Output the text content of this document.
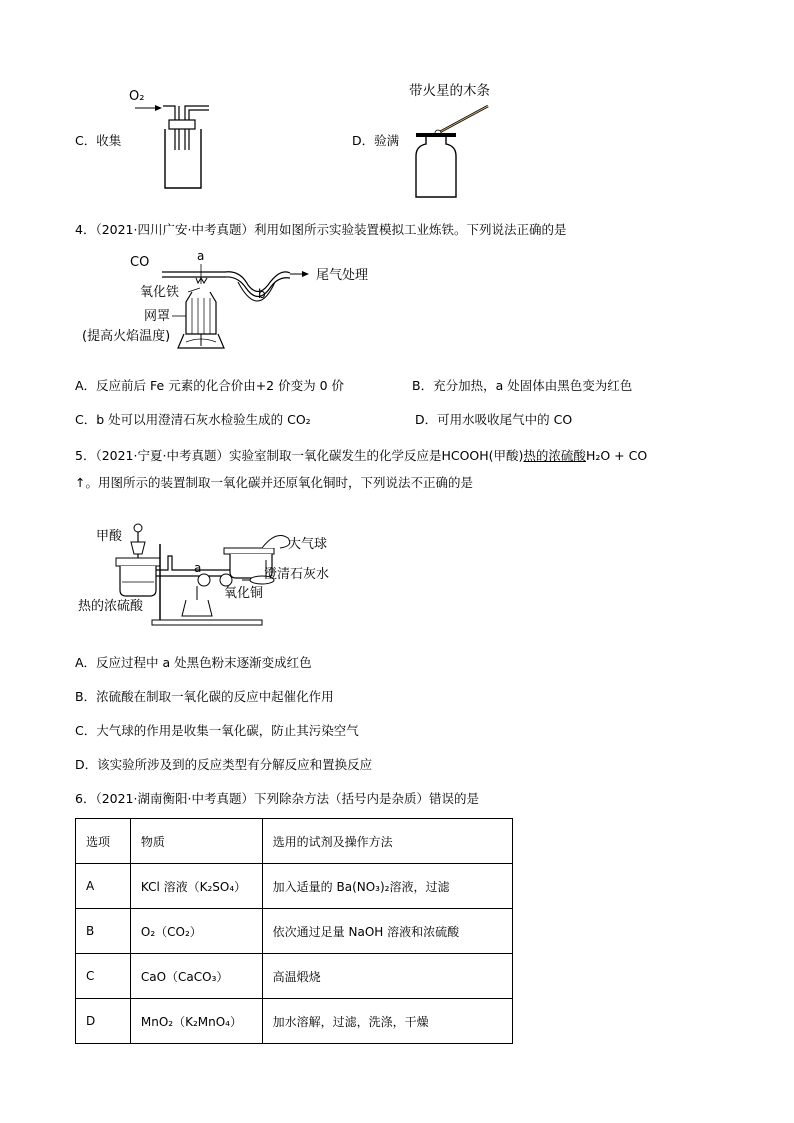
O₂
C．收集
带火星的木条
D．验满
4．（2021·四川广安·中考真题）利用如图所示实验装置模拟工业炼铁。下列说法正确的是
CO	a
b
尾气处理
氧化铁
网罩
(提高火焰温度)
A．反应前后 Fe 元素的化合价由+2 价变为 0 价	B．充分加热，a 处固体由黑色变为红色
C．b 处可以用澄清石灰水检验生成的 CO₂	D．可用水吸收尾气中的 CO
5．（2021·宁夏·中考真题）实验室制取一氧化碳发生的化学反应是HCOOH(甲酸)热的浓硫酸H₂O + CO
↑。用图所示的装置制取一氧化碳并还原氧化铜时，下列说法不正确的是
甲酸
热的浓硫酸
a
氧化铜
大气球
澄清石灰水
A．反应过程中 a 处黑色粉末逐渐变成红色
B．浓硫酸在制取一氧化碳的反应中起催化作用
C．大气球的作用是收集一氧化碳，防止其污染空气
D．该实验所涉及到的反应类型有分解反应和置换反应
6．（2021·湖南衡阳·中考真题）下列除杂方法（括号内是杂质）错误的是
选项	物质	选用的试剂及操作方法
A	KCl 溶液（K₂SO₄）	加入适量的 Ba(NO₃)₂溶液，过滤
B	O₂（CO₂）	依次通过足量 NaOH 溶液和浓硫酸
C	CaO（CaCO₃）	高温煅烧
D	MnO₂（K₂MnO₄）	加水溶解，过滤，洗涤，干燥
